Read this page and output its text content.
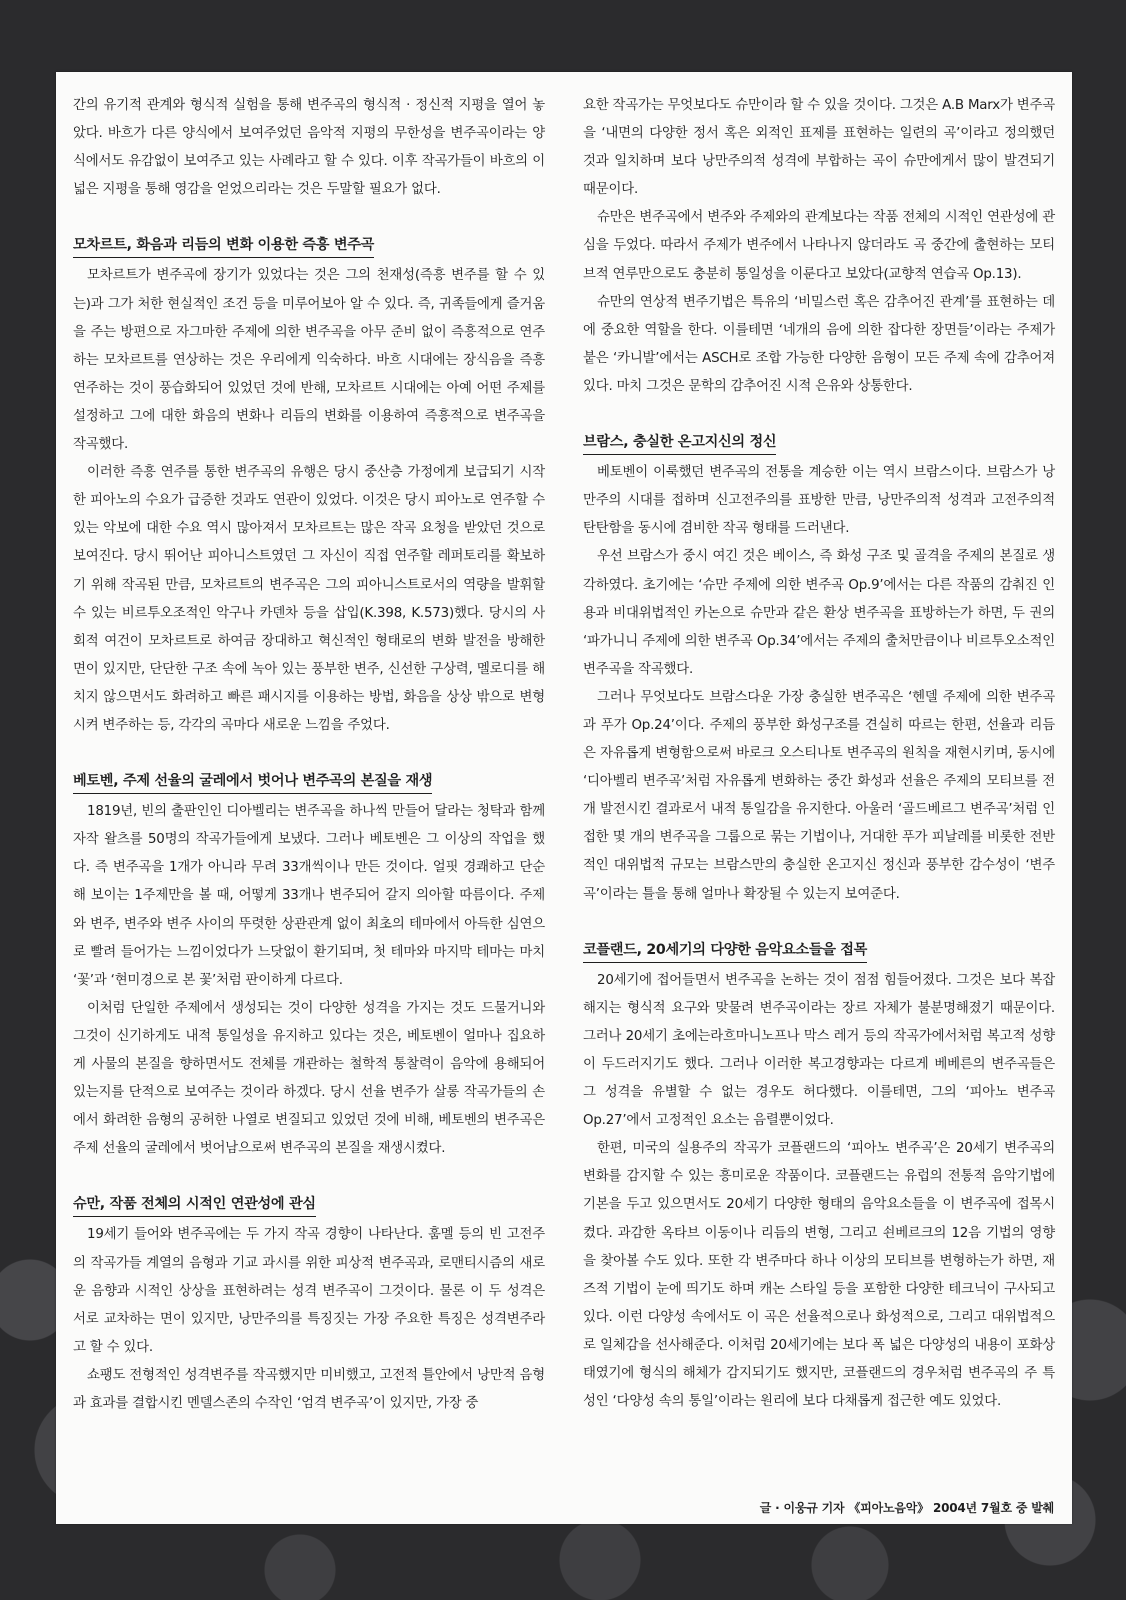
간의 유기적 관계와 형식적 실험을 통해 변주곡의 형식적 · 정신적 지평을 열어 놓았다. 바흐가 다른 양식에서 보여주었던 음악적 지평의 무한성을 변주곡이라는 양식에서도 유감없이 보여주고 있는 사례라고 할 수 있다. 이후 작곡가들이 바흐의 이 넓은 지평을 통해 영감을 얻었으리라는 것은 두말할 필요가 없다.

모차르트, 화음과 리듬의 변화 이용한 즉흥 변주곡

모차르트가 변주곡에 장기가 있었다는 것은 그의 천재성(즉흥 변주를 할 수 있는)과 그가 처한 현실적인 조건 등을 미루어보아 알 수 있다. 즉, 귀족들에게 즐거움을 주는 방편으로 자그마한 주제에 의한 변주곡을 아무 준비 없이 즉흥적으로 연주하는 모차르트를 연상하는 것은 우리에게 익숙하다. 바흐 시대에는 장식음을 즉흥 연주하는 것이 풍습화되어 있었던 것에 반해, 모차르트 시대에는 아예 어떤 주제를 설정하고 그에 대한 화음의 변화나 리듬의 변화를 이용하여 즉흥적으로 변주곡을 작곡했다.

이러한 즉흥 연주를 통한 변주곡의 유행은 당시 중산층 가정에게 보급되기 시작한 피아노의 수요가 급증한 것과도 연관이 있었다. 이것은 당시 피아노로 연주할 수 있는 악보에 대한 수요 역시 많아져서 모차르트는 많은 작곡 요청을 받았던 것으로 보여진다. 당시 뛰어난 피아니스트였던 그 자신이 직접 연주할 레퍼토리를 확보하기 위해 작곡된 만큼, 모차르트의 변주곡은 그의 피아니스트로서의 역량을 발휘할 수 있는 비르투오조적인 악구나 카덴차 등을 삽입(K.398, K.573)했다. 당시의 사회적 여건이 모차르트로 하여금 장대하고 혁신적인 형태로의 변화 발전을 방해한 면이 있지만, 단단한 구조 속에 녹아 있는 풍부한 변주, 신선한 구상력, 멜로디를 해치지 않으면서도 화려하고 빠른 패시지를 이용하는 방법, 화음을 상상 밖으로 변형시켜 변주하는 등, 각각의 곡마다 새로운 느낌을 주었다.

베토벤, 주제 선율의 굴레에서 벗어나 변주곡의 본질을 재생

1819년, 빈의 출판인인 디아벨리는 변주곡을 하나씩 만들어 달라는 청탁과 함께 자작 왈츠를 50명의 작곡가들에게 보냈다. 그러나 베토벤은 그 이상의 작업을 했다. 즉 변주곡을 1개가 아니라 무려 33개씩이나 만든 것이다. 얼핏 경쾌하고 단순해 보이는 1주제만을 볼 때, 어떻게 33개나 변주되어 갈지 의아할 따름이다. 주제와 변주, 변주와 변주 사이의 뚜렷한 상관관계 없이 최초의 테마에서 아득한 심연으로 빨려 들어가는 느낌이었다가 느닷없이 환기되며, 첫 테마와 마지막 테마는 마치 ‘꽃’과 ‘현미경으로 본 꽃’처럼 판이하게 다르다.

이처럼 단일한 주제에서 생성되는 것이 다양한 성격을 가지는 것도 드물거니와 그것이 신기하게도 내적 통일성을 유지하고 있다는 것은, 베토벤이 얼마나 집요하게 사물의 본질을 향하면서도 전체를 개관하는 철학적 통찰력이 음악에 용해되어 있는지를 단적으로 보여주는 것이라 하겠다. 당시 선율 변주가 살롱 작곡가들의 손에서 화려한 음형의 공허한 나열로 변질되고 있었던 것에 비해, 베토벤의 변주곡은 주제 선율의 굴레에서 벗어남으로써 변주곡의 본질을 재생시켰다.

슈만, 작품 전체의 시적인 연관성에 관심

19세기 들어와 변주곡에는 두 가지 작곡 경향이 나타난다. 훔멜 등의 빈 고전주의 작곡가들 계열의 음형과 기교 과시를 위한 피상적 변주곡과, 로맨티시즘의 새로운 음향과 시적인 상상을 표현하려는 성격 변주곡이 그것이다. 물론 이 두 성격은 서로 교차하는 면이 있지만, 낭만주의를 특징짓는 가장 주요한 특징은 성격변주라고 할 수 있다.

쇼팽도 전형적인 성격변주를 작곡했지만 미비했고, 고전적 틀안에서 낭만적 음형과 효과를 결합시킨 멘델스존의 수작인 ‘엄격 변주곡’이 있지만, 가장 중

요한 작곡가는 무엇보다도 슈만이라 할 수 있을 것이다. 그것은 A.B Marx가 변주곡을 ‘내면의 다양한 정서 혹은 외적인 표제를 표현하는 일련의 곡’이라고 정의했던 것과 일치하며 보다 낭만주의적 성격에 부합하는 곡이 슈만에게서 많이 발견되기 때문이다.

슈만은 변주곡에서 변주와 주제와의 관계보다는 작품 전체의 시적인 연관성에 관심을 두었다. 따라서 주제가 변주에서 나타나지 않더라도 곡 중간에 출현하는 모티브적 연루만으로도 충분히 통일성을 이룬다고 보았다(교향적 연습곡 Op.13).

슈만의 연상적 변주기법은 특유의 ‘비밀스런 혹은 감추어진 관계’를 표현하는 데에 중요한 역할을 한다. 이를테면 ‘네개의 음에 의한 잡다한 장면들’이라는 주제가 붙은 ‘카니발’에서는 ASCH로 조합 가능한 다양한 음형이 모든 주제 속에 감추어져 있다. 마치 그것은 문학의 감추어진 시적 은유와 상통한다.

브람스, 충실한 온고지신의 정신

베토벤이 이룩했던 변주곡의 전통을 계승한 이는 역시 브람스이다. 브람스가 낭만주의 시대를 접하며 신고전주의를 표방한 만큼, 낭만주의적 성격과 고전주의적 탄탄함을 동시에 겸비한 작곡 형태를 드러낸다.

우선 브람스가 중시 여긴 것은 베이스, 즉 화성 구조 및 골격을 주제의 본질로 생각하였다. 초기에는 ‘슈만 주제에 의한 변주곡 Op.9’에서는 다른 작품의 감춰진 인용과 비대위법적인 카논으로 슈만과 같은 환상 변주곡을 표방하는가 하면, 두 권의 ‘파가니니 주제에 의한 변주곡 Op.34’에서는 주제의 출처만큼이나 비르투오소적인 변주곡을 작곡했다.

그러나 무엇보다도 브람스다운 가장 충실한 변주곡은 ‘헨델 주제에 의한 변주곡과 푸가 Op.24’이다. 주제의 풍부한 화성구조를 견실히 따르는 한편, 선율과 리듬은 자유롭게 변형함으로써 바로크 오스티나토 변주곡의 원칙을 재현시키며, 동시에 ‘디아벨리 변주곡’처럼 자유롭게 변화하는 중간 화성과 선율은 주제의 모티브를 전개 발전시킨 결과로서 내적 통일감을 유지한다. 아울러 ‘골드베르그 변주곡’처럼 인접한 몇 개의 변주곡을 그룹으로 묶는 기법이나, 거대한 푸가 피날레를 비롯한 전반적인 대위법적 규모는 브람스만의 충실한 온고지신 정신과 풍부한 감수성이 ‘변주곡’이라는 틀을 통해 얼마나 확장될 수 있는지 보여준다.

코플랜드, 20세기의 다양한 음악요소들을 접목

20세기에 접어들면서 변주곡을 논하는 것이 점점 힘들어졌다. 그것은 보다 복잡해지는 형식적 요구와 맞물려 변주곡이라는 장르 자체가 불분명해졌기 때문이다. 그러나 20세기 초에는라흐마니노프나 막스 레거 등의 작곡가에서처럼 복고적 성향이 두드러지기도 했다. 그러나 이러한 복고경향과는 다르게 베베른의 변주곡들은 그 성격을 유별할 수 없는 경우도 허다했다. 이를테면, 그의 ‘피아노 변주곡 Op.27’에서 고정적인 요소는 음렬뿐이었다.

한편, 미국의 실용주의 작곡가 코플랜드의 ‘피아노 변주곡’은 20세기 변주곡의 변화를 감지할 수 있는 흥미로운 작품이다. 코플랜드는 유럽의 전통적 음악기법에 기본을 두고 있으면서도 20세기 다양한 형태의 음악요소들을 이 변주곡에 접목시켰다. 과감한 옥타브 이동이나 리듬의 변형, 그리고 쇤베르크의 12음 기법의 영향을 찾아볼 수도 있다. 또한 각 변주마다 하나 이상의 모티브를 변형하는가 하면, 재즈적 기법이 눈에 띄기도 하며 캐논 스타일 등을 포함한 다양한 테크닉이 구사되고 있다. 이런 다양성 속에서도 이 곡은 선율적으로나 화성적으로, 그리고 대위법적으로 일체감을 선사해준다. 이처럼 20세기에는 보다 폭 넓은 다양성의 내용이 포화상태였기에 형식의 해체가 감지되기도 했지만, 코플랜드의 경우처럼 변주곡의 주 특성인 ‘다양성 속의 통일’이라는 원리에 보다 다채롭게 접근한 예도 있었다.

글 · 이웅규 기자 《피아노음악》 2004년 7월호 중 발췌
